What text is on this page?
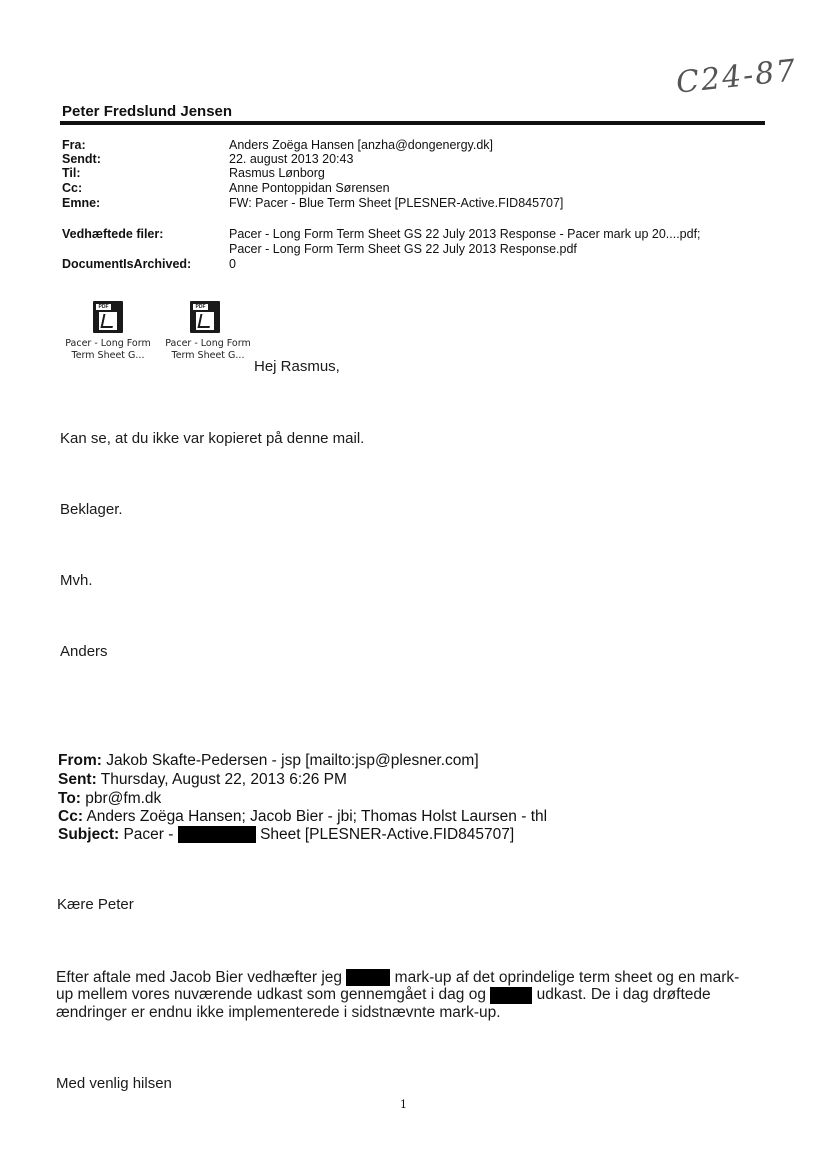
C24-87
Peter Fredslund Jensen
Fra:	Anders Zoëga Hansen [anzha@dongenergy.dk]
Sendt:	22. august 2013 20:43
Til:	Rasmus Lønborg
Cc:	Anne Pontoppidan Sørensen
Emne:	FW: Pacer - Blue Term Sheet [PLESNER-Active.FID845707]
Vedhæftede filer:	Pacer - Long Form Term Sheet GS 22 July 2013 Response - Pacer mark up 20....pdf;
Pacer - Long Form Term Sheet GS 22 July 2013 Response.pdf
DocumentIsArchived:	0
PDF
Pacer - Long Form
Term Sheet G...
PDF
Pacer - Long Form
Term Sheet G...
Hej Rasmus,
Kan se, at du ikke var kopieret på denne mail.
Beklager.
Mvh.
Anders
From: Jakob Skafte-Pedersen - jsp [mailto:jsp@plesner.com]
Sent: Thursday, August 22, 2013 6:26 PM
To: pbr@fm.dk
Cc: Anders Zoëga Hansen; Jacob Bier - jbi; Thomas Holst Laursen - thl
Subject: Pacer -	Sheet [PLESNER-Active.FID845707]
Kære Peter
Efter aftale med Jacob Bier vedhæfter jeg	mark-up af det oprindelige term sheet og en mark-up mellem vores nuværende udkast som gennemgået i dag og	udkast. De i dag drøftede ændringer er endnu ikke implementerede i sidstnævnte mark-up.
Med venlig hilsen
1
